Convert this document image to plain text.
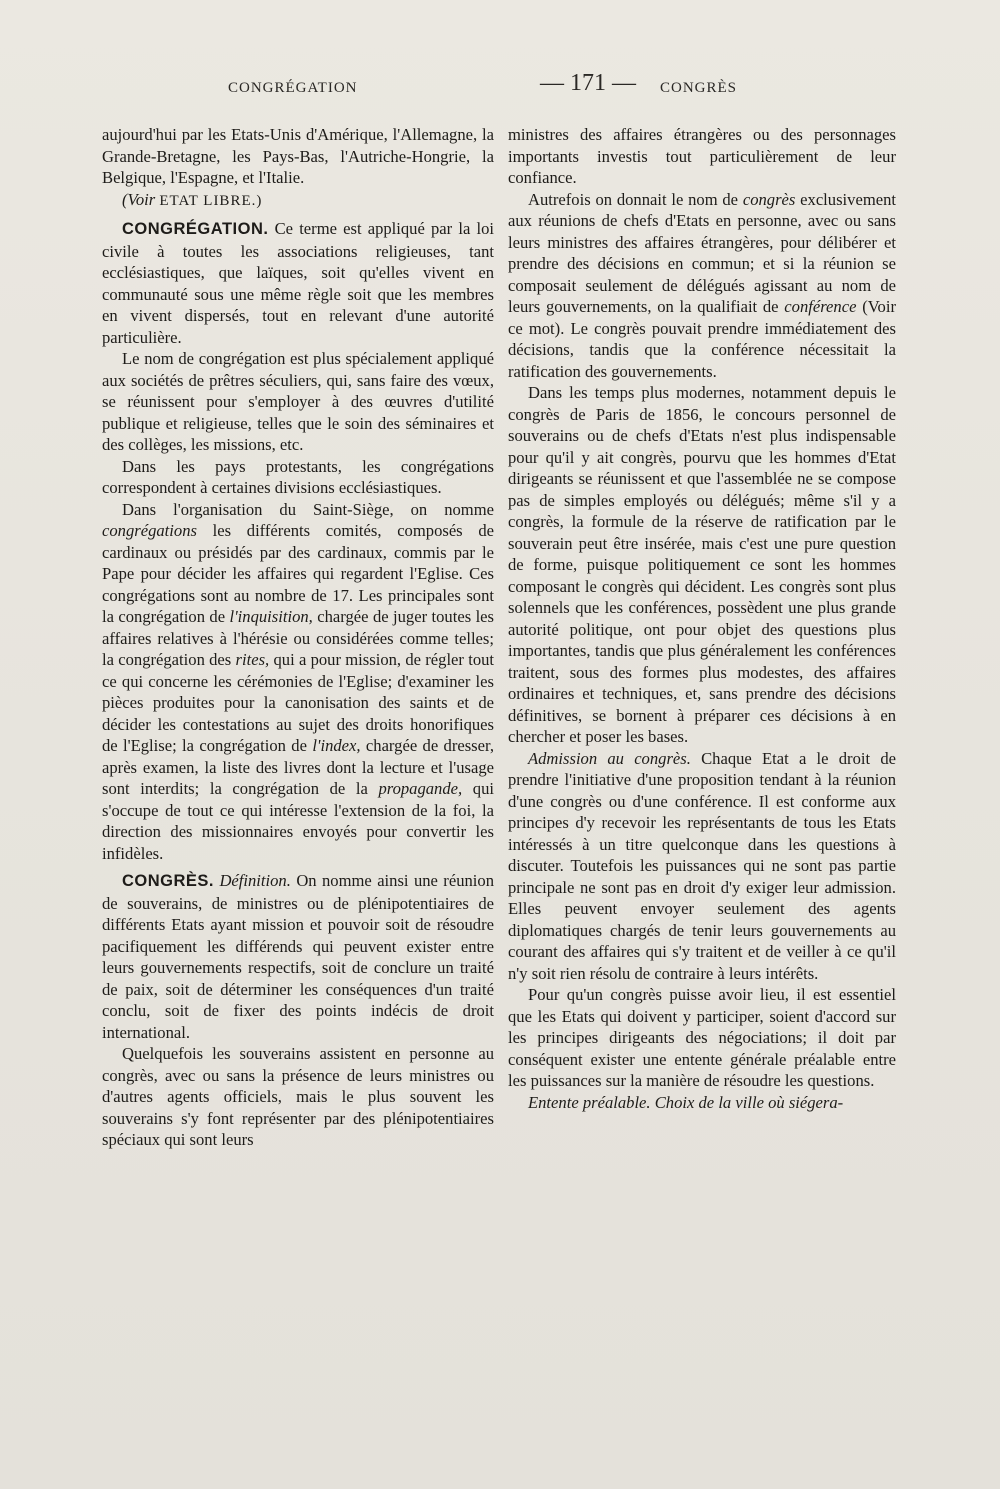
CONGRÉGATION	— 171 — CONGRÈS

aujourd'hui par les Etats-Unis d'Amérique, l'Allemagne, la Grande-Bretagne, les Pays-Bas, l'Autriche-Hongrie, la Belgique, l'Espagne, et l'Italie.

(Voir ETAT LIBRE.)

CONGRÉGATION. Ce terme est appliqué par la loi civile à toutes les associations religieuses, tant ecclésiastiques, que laïques, soit qu'elles vivent en communauté sous une même règle soit que les membres en vivent dispersés, tout en relevant d'une autorité particulière.

Le nom de congrégation est plus spécialement appliqué aux sociétés de prêtres séculiers, qui, sans faire des vœux, se réunissent pour s'employer à des œuvres d'utilité publique et religieuse, telles que le soin des séminaires et des collèges, les missions, etc.

Dans les pays protestants, les congrégations correspondent à certaines divisions ecclésiastiques.

Dans l'organisation du Saint-Siège, on nomme congrégations les différents comités, composés de cardinaux ou présidés par des cardinaux, commis par le Pape pour décider les affaires qui regardent l'Eglise. Ces congrégations sont au nombre de 17. Les principales sont la congrégation de l'inquisition, chargée de juger toutes les affaires relatives à l'hérésie ou considérées comme telles; la congrégation des rites, qui a pour mission, de régler tout ce qui concerne les cérémonies de l'Eglise; d'examiner les pièces produites pour la canonisation des saints et de décider les contestations au sujet des droits honorifiques de l'Eglise; la congrégation de l'index, chargée de dresser, après examen, la liste des livres dont la lecture et l'usage sont interdits; la congrégation de la propagande, qui s'occupe de tout ce qui intéresse l'extension de la foi, la direction des missionnaires envoyés pour convertir les infidèles.

CONGRÈS. Définition. On nomme ainsi une réunion de souverains, de ministres ou de plénipotentiaires de différents Etats ayant mission et pouvoir soit de résoudre pacifiquement les différends qui peuvent exister entre leurs gouvernements respectifs, soit de conclure un traité de paix, soit de déterminer les conséquences d'un traité conclu, soit de fixer des points indécis de droit international.

Quelquefois les souverains assistent en personne au congrès, avec ou sans la présence de leurs ministres ou d'autres agents officiels, mais le plus souvent les souverains s'y font représenter par des plénipotentiaires spéciaux qui sont leurs

ministres des affaires étrangères ou des personnages importants investis tout particulièrement de leur confiance.

Autrefois on donnait le nom de congrès exclusivement aux réunions de chefs d'Etats en personne, avec ou sans leurs ministres des affaires étrangères, pour délibérer et prendre des décisions en commun; et si la réunion se composait seulement de délégués agissant au nom de leurs gouvernements, on la qualifiait de conférence (Voir ce mot). Le congrès pouvait prendre immédiatement des décisions, tandis que la conférence nécessitait la ratification des gouvernements.

Dans les temps plus modernes, notamment depuis le congrès de Paris de 1856, le concours personnel de souverains ou de chefs d'Etats n'est plus indispensable pour qu'il y ait congrès, pourvu que les hommes d'Etat dirigeants se réunissent et que l'assemblée ne se compose pas de simples employés ou délégués; même s'il y a congrès, la formule de la réserve de ratification par le souverain peut être insérée, mais c'est une pure question de forme, puisque politiquement ce sont les hommes composant le congrès qui décident. Les congrès sont plus solennels que les conférences, possèdent une plus grande autorité politique, ont pour objet des questions plus importantes, tandis que plus généralement les conférences traitent, sous des formes plus modestes, des affaires ordinaires et techniques, et, sans prendre des décisions définitives, se bornent à préparer ces décisions à en chercher et poser les bases.

Admission au congrès. Chaque Etat a le droit de prendre l'initiative d'une proposition tendant à la réunion d'une congrès ou d'une conférence. Il est conforme aux principes d'y recevoir les représentants de tous les Etats intéressés à un titre quelconque dans les questions à discuter. Toutefois les puissances qui ne sont pas partie principale ne sont pas en droit d'y exiger leur admission. Elles peuvent envoyer seulement des agents diplomatiques chargés de tenir leurs gouvernements au courant des affaires qui s'y traitent et de veiller à ce qu'il n'y soit rien résolu de contraire à leurs intérêts.

Pour qu'un congrès puisse avoir lieu, il est essentiel que les Etats qui doivent y participer, soient d'accord sur les principes dirigeants des négociations; il doit par conséquent exister une entente générale préalable entre les puissances sur la manière de résoudre les questions.

Entente préalable. Choix de la ville où siégera-
